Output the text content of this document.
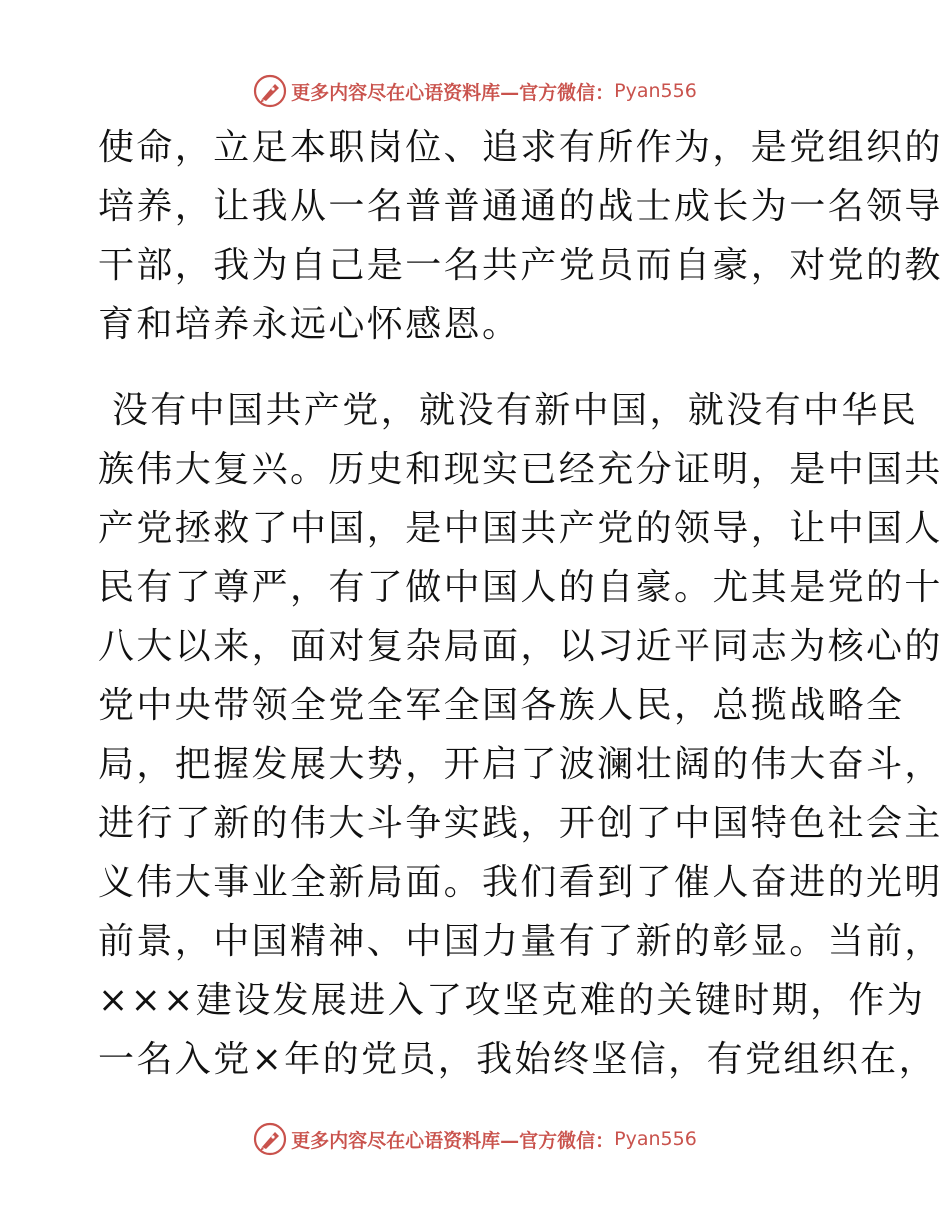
更多内容尽在心语资料库—官方微信： Pyan556
使命，立足本职岗位、追求有所作为，是党组织的
培养，让我从一名普普通通的战士成长为一名领导
干部，我为自己是一名共产党员而自豪，对党的教
育和培养永远心怀感恩。
没有中国共产党，就没有新中国，就没有中华民
族伟大复兴。历史和现实已经充分证明，是中国共
产党拯救了中国，是中国共产党的领导，让中国人
民有了尊严，有了做中国人的自豪。尤其是党的十
八大以来，面对复杂局面，以习近平同志为核心的
党中央带领全党全军全国各族人民，总揽战略全
局，把握发展大势，开启了波澜壮阔的伟大奋斗，
进行了新的伟大斗争实践，开创了中国特色社会主
义伟大事业全新局面。我们看到了催人奋进的光明
前景，中国精神、中国力量有了新的彰显。当前，
×××建设发展进入了攻坚克难的关键时期，作为
一名入党×年的党员，我始终坚信，有党组织在，
更多内容尽在心语资料库—官方微信： Pyan556
